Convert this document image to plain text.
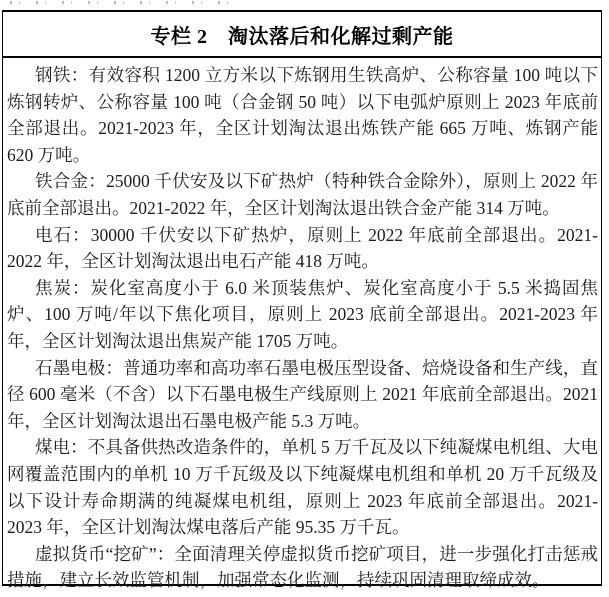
专栏 2　淘汰落后和化解过剩产能

钢铁：有效容积 1200 立方米以下炼钢用生铁高炉、公称容量 100 吨以下炼钢转炉、公称容量 100 吨（合金钢 50 吨）以下电弧炉原则上 2023 年底前全部退出。2021-2023 年，全区计划淘汰退出炼铁产能 665 万吨、炼钢产能 620 万吨。

铁合金：25000 千伏安及以下矿热炉（特种铁合金除外），原则上 2022 年底前全部退出。2021-2022 年，全区计划淘汰退出铁合金产能 314 万吨。

电石：30000 千伏安以下矿热炉，原则上 2022 年底前全部退出。2021-2022 年，全区计划淘汰退出电石产能 418 万吨。

焦炭：炭化室高度小于 6.0 米顶装焦炉、炭化室高度小于 5.5 米捣固焦炉、100 万吨/年以下焦化项目，原则上 2023 底前全部退出。2021-2023 年年，全区计划淘汰退出焦炭产能 1705 万吨。

石墨电极：普通功率和高功率石墨电极压型设备、焙烧设备和生产线，直径 600 毫米（不含）以下石墨电极生产线原则上 2021 年底前全部退出。2021 年，全区计划淘汰退出石墨电极产能 5.3 万吨。

煤电：不具备供热改造条件的，单机 5 万千瓦及以下纯凝煤电机组、大电网覆盖范围内的单机 10 万千瓦级及以下纯凝煤电机组和单机 20 万千瓦级及以下设计寿命期满的纯凝煤电机组，原则上 2023 年底前全部退出。2021-2023 年，全区计划淘汰煤电落后产能 95.35 万千瓦。

虚拟货币“挖矿”：全面清理关停虚拟货币挖矿项目，进一步强化打击惩戒措施，建立长效监管机制，加强常态化监测，持续巩固清理取缔成效。
